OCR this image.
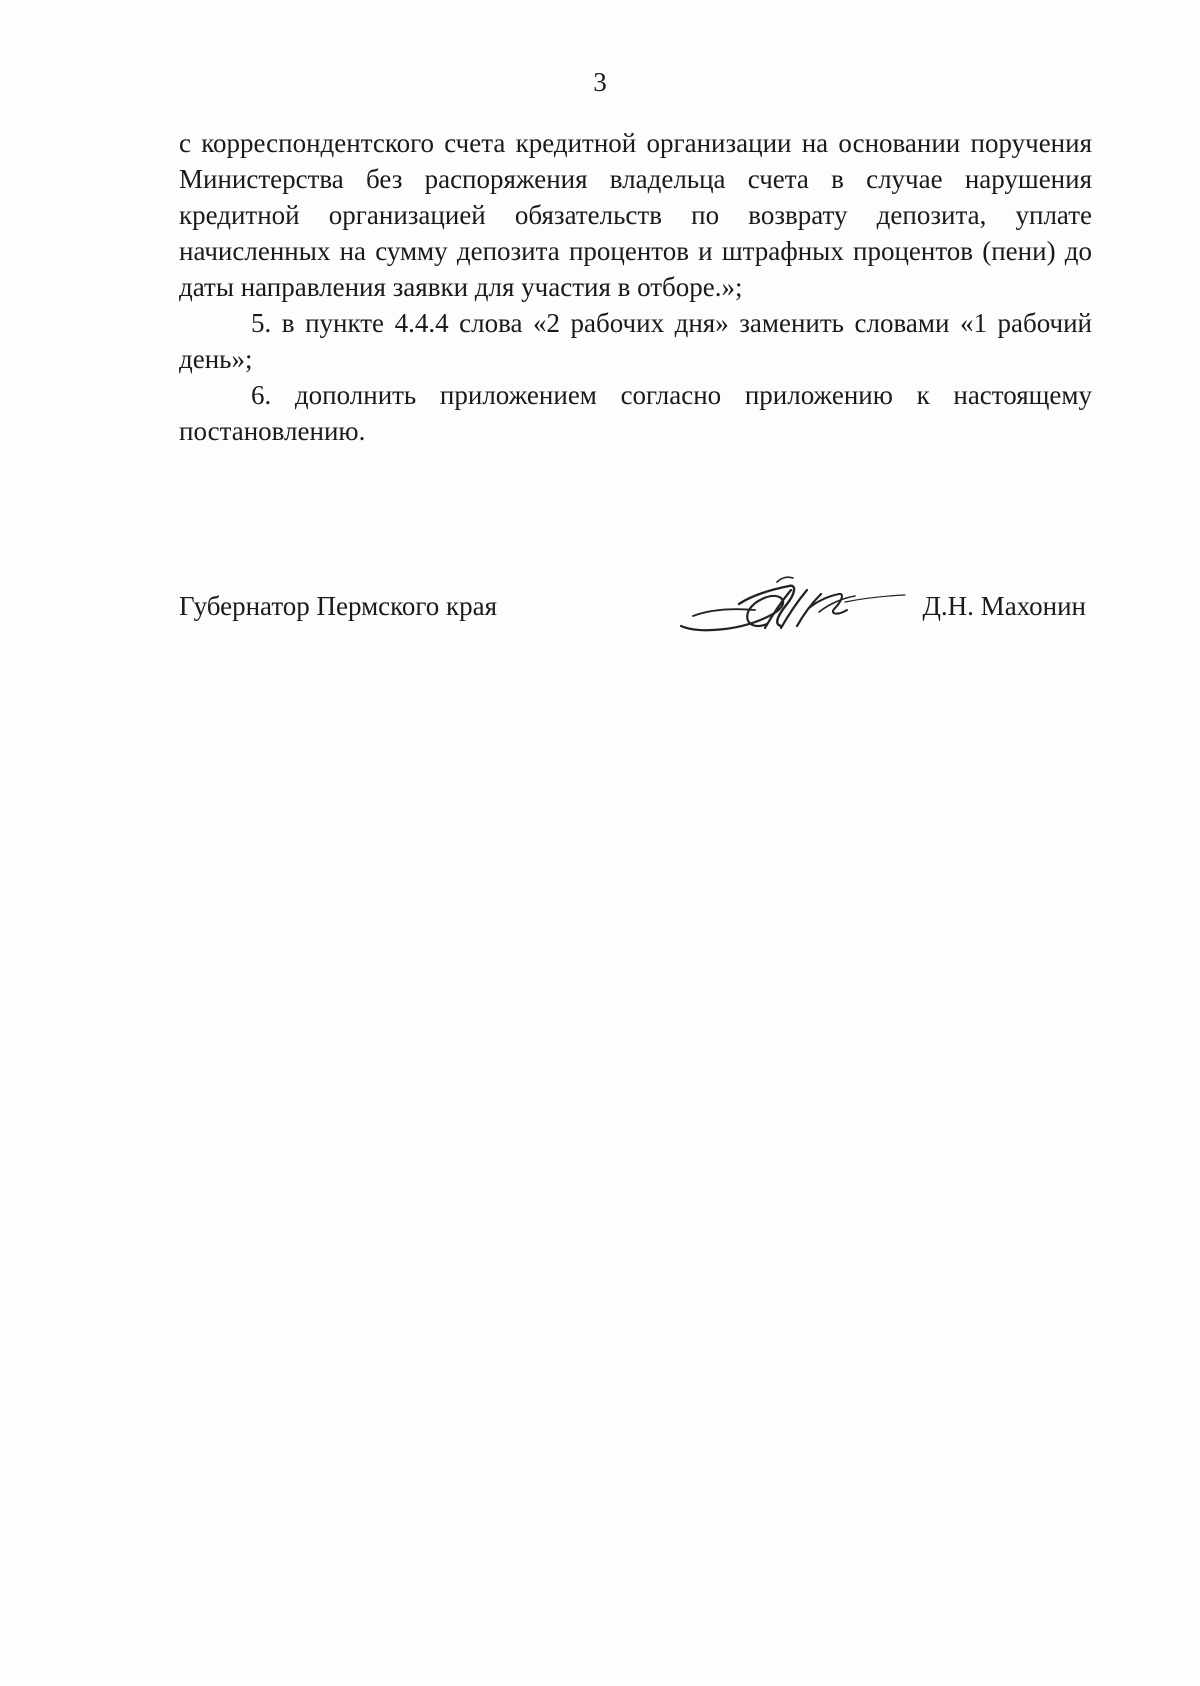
3

с корреспондентского счета кредитной организации на основании поручения Министерства без распоряжения владельца счета в случае нарушения кредитной организацией обязательств по возврату депозита, уплате начисленных на сумму депозита процентов и штрафных процентов (пени) до даты направления заявки для участия в отборе.»;

5. в пункте 4.4.4 слова «2 рабочих дня» заменить словами «1 рабочий день»;

6. дополнить приложением согласно приложению к настоящему постановлению.

Губернатор Пермского края	Д.Н. Махонин
